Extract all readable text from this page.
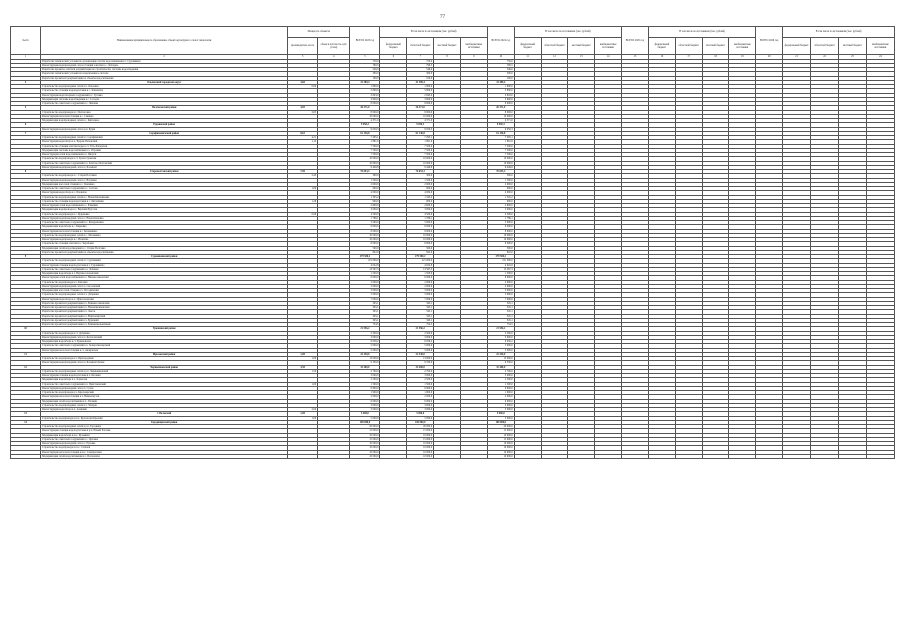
77
№п/п	Наименование муниципального образования, объекта культурного слоя и технологии	Мощность объектов		ВСЕГО 2023 год	В том числе по источникам (тыс. рублей)				ВСЕГО 2024 год	В том числе по источникам (тыс. рублей)				ВСЕГО 2025 год	В том числе по источникам (тыс. рублей)				ВСЕГО 2026 год	В том числе по источникам (тыс. рублей)			
		производитель ность	объем и плотность, куб. (тонн)		федеральный бюджет	областной бюджет	местный бюджет	внебюджетные источники		федеральный бюджет	областной бюджет	местный бюджет	внебюджетные источники		федеральный бюджет	областной бюджет	местный бюджет	внебюджетные источники		федеральный бюджет	областной бюджет	местный бюджет	внебюджетные источники
1	2	3	4	5	6	7	8	9	10	11	12	13	14	15	16	17	18	19	20	21	22	23	24
	Разработка технических условий на организацию систем водоснабжения в г. Суровикино			750,0		750,0			750,0														
	Реконструкция водопроводной сети и станций очистки в с. Лобоцкое			790,5		790,5			790,5														
	Разработка проектно-сметной документации на строительство системы водоотведения			546,0		546,0			546,0														
	Разработка технических условий на подключение к системе			300,0		300,0			300,0														
	Разработка проектной документации на объекты водоснабжения			100,0		100,0			100,0														
4	Ольховский городской округ	3,60		41 389,4		41 389,4			41 389,4														
	Строительство водопроводных сетей в п. Ольховка	0,60		1 800,0		1 800,0			1 800,0														
	Строительство станции водоподготовки в с. Зензеватка			5 800,0		5 800,0			5 800,0														
	Реконструкция водозаборных сооружений в с. Гусевка			2 843,0		2 843,0			2 843,0														
	Модернизация системы водоотведения в с. Солодча			3 600,0		3 600,0			3 600,0														
	Строительство очистных сооружений в с. Липовка			8 000,0		8 000,0			8 000,0														
5	Палласовский район	4,05		26 371,0		26 371,0			26 371,0														
	Строительство водопровода в г. Палласовка	2,05		8 000,0		8 000,0			8 000,0														
	Реконструкция насосной станции в с. Савинка			10 000,0		10 000,0			10 000,0														
	Модернизация водопроводных сетей в с. Кайсацкое			4 371,0		4 371,0			4 371,0														
6	Руднянский район			9 050,3		9 050,3			9 050,3														
	Реконструкция водопроводной сети в р.п. Рудня			9 050,3		9 050,3			9 050,3														
7	Серафимовичский район	8,63		61 136,8		61 136,8			61 136,8														
	Строительство водопроводных сетей в г. Серафимович	4,21		7 295,1		7 295,1			7 295,1														
	Реконструкция водозабора в х. Буерак-Поповский	1,12		1 891,9		1 891,9			1 891,9														
	Строительство станции очистки воды в ст. Усть-Хоперская			7 500,0		7 500,0			7 500,0														
	Модернизация системы водоснабжения в х. Отрожки			7 500,0		7 500,0			7 500,0														
	Реконструкция сетей водоснабжения в х. Пичуги			7 500,0		7 500,0			7 500,0														
	Строительство водопровода в ст. Трехостровская			10 000,0		10 000,0			10 000,0														
	Строительство очистных сооружений в х. Клетско-Почтовский			10 000,0		10 000,0			10 000,0														
	Реконструкция водопроводной сети в х. Большой			9 449,8		9 449,8			9 449,8														
8	Старополтавский район	7,06		76 653,3		76 653,3			76 653,3														
	Строительство водопровода в с. Старая Полтавка	2,43		300,0		300,0			300,0														
	Реконструкция водопроводной сети в с. Валуевка			1 500,0		1 500,0			1 500,0														
	Модернизация насосной станции в с. Гмелинка			2 000,0		2 000,0			2 000,0														
	Строительство очистных сооружений в с. Салтово	1,00		900,0		900,0			900,0														
	Реконструкция водозабора в с. Иловатка			4 000,0		4 000,0			4 000,0														
	Строительство водопроводных сетей в с. Новая Квасниковка			1 345,2		1 345,2			1 345,2														
	Строительство станции водоподготовки в с. Лятошинка	1,28		900,0		900,0			900,0														
	Реконструкция сетей водоснабжения в с. Ромашки			2 600,0		2 600,0			2 600,0														
	Модернизация водопровода в с. Верхний Еруслан			3 000,0		3 000,0			3 000,0														
	Строительство водопровода в с. Курнаевка	0,90		4 500,0		4 500,0			4 500,0														
	Реконструкция водопроводной сети в с. Новотихоновка			1 786,1		1 786,1			1 786,1														
	Строительство очистных сооружений в с. Кондрашовка			5 000,0		5 000,0			5 000,0														
	Модернизация водозабора в с. Киреевка			6 000,0		6 000,0			6 000,0														
	Реконструкция насосной станции в с. Колышкино			8 000,0		8 000,0			8 000,0														
	Строительство водопроводных сетей в с. Лятошинка			10 000,0		10 000,0			10 000,0														
	Реконструкция водопровода в с. Иловатка			10 000,0		10 000,0			10 000,0														
	Строительство станции очистки в с. Черебаево			8 000,0		8 000,0			8 000,0														
	Модернизация сетей водоотведения в с. Старая Полтавка			500,0		500,0			500,0														
	Разработка проектной документации на объекты водоснабжения			822,0		822,0			822,0														
9	Суровикинский район			279 500,2		279 500,2			279 500,2														
	Строительство водопроводных сетей в г. Суровикино			221 000,0		221 000,0			221 000,0														
	Реконструкция станции водоподготовки в г. Суровикино			4 022,8		4 022,8			4 022,8														
	Строительство очистных сооружений в х. Лобакин			13 567,3		13 567,3			13 567,3														
	Модернизация водозабора в х. Верхнесолоновский			1 500,0		1 500,0			1 500,0														
	Реконструкция сетей водоснабжения в х. Нижнеосиновский			6 000,0		6 000,0			6 000,0														
	Строительство водопровода в х. Качалин			2 000,0		2 000,0			2 000,0														
	Реконструкция водопроводной сети в х. Сысоевский			2 000,0		2 000,0			2 000,0														
	Модернизация насосной станции в х. Погодинский			3 000,0		3 000,0			3 000,0														
	Строительство водопроводных сетей в х. Добринка			5 000,0		5 000,0			5 000,0														
	Реконструкция водозабора в х. Пристеновский			7 000,0		7 000,0			7 000,0														
	Разработка проектной документации в х. Ближнеосиновский			345,1		345,1			345,1														
	Разработка проектной документации в х. Новомаксимовский			345,1		345,1			345,1														
	Разработка проектной документации в х. Лысов			345,1		345,1			345,1														
	Разработка проектной документации в х. Верхнечирский			345,1		345,1			345,1														
	Разработка проектной документации в х. Бурацкий			345,1		345,1			345,1														
	Разработка проектной документации в х. Ближнемельничный			754,5		754,5			754,5														
10	Урюпинский район			21 556,2		21 556,2			21 556,2														
	Строительство водопровода в ст. Добринка			2 500,0		2 500,0			2 500,0														
	Реконструкция водопроводной сети в х. Беспаловский			3 000,0		3 000,0			3 000,0														
	Модернизация водозабора в ст. Букановская			6 056,2		6 056,2			6 056,2														
	Строительство очистных сооружений в х. Хоперопионерский			5 000,0		5 000,0			5 000,0														
	Реконструкция насосной станции в ст. Акчернская			5 000,0		5 000,0			5 000,0														
11	Фроловский район	1,00		22 330,0		22 330,0			22 330,0														
	Строительство водопровода в х. Пригородный	1,00		13 000,0		13 000,0			13 000,0														
	Реконструкция водопроводной сети в х. Большой Лычак			9 330,0		9 330,0			9 330,0														
12	Чернышковский район	4,50		32 400,0		32 400,0			32 400,0														
	Строительство водопроводных сетей в р.п. Чернышковский	1,50		2 700,0		2 700,0			2 700,0														
	Реконструкция станции водоподготовки в х. Басакин			3 000,0		3 000,0			3 000,0														
	Модернизация водозабора в х. Тормосин			2 500,0		2 500,0			2 500,0														
	Строительство очистных сооружений в х. Пристеновский	1,00		1 500,0		1 500,0			1 500,0														
	Реконструкция водопроводной сети в х. Сухов			6 800,0		6 800,0			6 800,0														
	Строительство водопровода в х. Красноярский			1 900,0		1 900,0			1 900,0														
	Реконструкция насосной станции в х. Нижнегнутов			2 000,0		2 000,0			2 000,0														
	Модернизация сетей водоснабжения в х. Лобакин			6 000,0		6 000,0			6 000,0														
	Строительство водопроводных сетей в х. Захаров			3 000,0		3 000,0			3 000,0														
	Реконструкция водозабора в х. Алешкин	2,00		3 000,0		3 000,0			3 000,0														
13	г. Волжский	1,00		5 000,0		5 000,0			5 000,0														
	Строительство водопровода в пос. Краснооктябрьский	1,00		5 000,0		5 000,0			5 000,0														
14	Городищенский район			100 000,0		100 000,0			100 000,0														
	Строительство водопроводных сетей в р.п. Городище			20 000,0		20 000,0			20 000,0														
	Реконструкция станции водоподготовки в р.п. Новый Рогачик			15 000,0		15 000,0			15 000,0														
	Модернизация водозабора в пос. Кузьмичи			10 000,0		10 000,0			10 000,0														
	Строительство очистных сооружений в с. Орловка			15 000,0		15 000,0			15 000,0														
	Реконструкция водопроводной сети в с. Ерзовка			10 000,0		10 000,0			10 000,0														
	Строительство водопровода в пос. Степной			10 000,0		10 000,0			10 000,0														
	Реконструкция насосной станции в пос. Самофаловка			10 000,0		10 000,0			10 000,0														
	Модернизация сетей водоснабжения в с. Песковатка			10 000,0		10 000,0			10 000,0														
